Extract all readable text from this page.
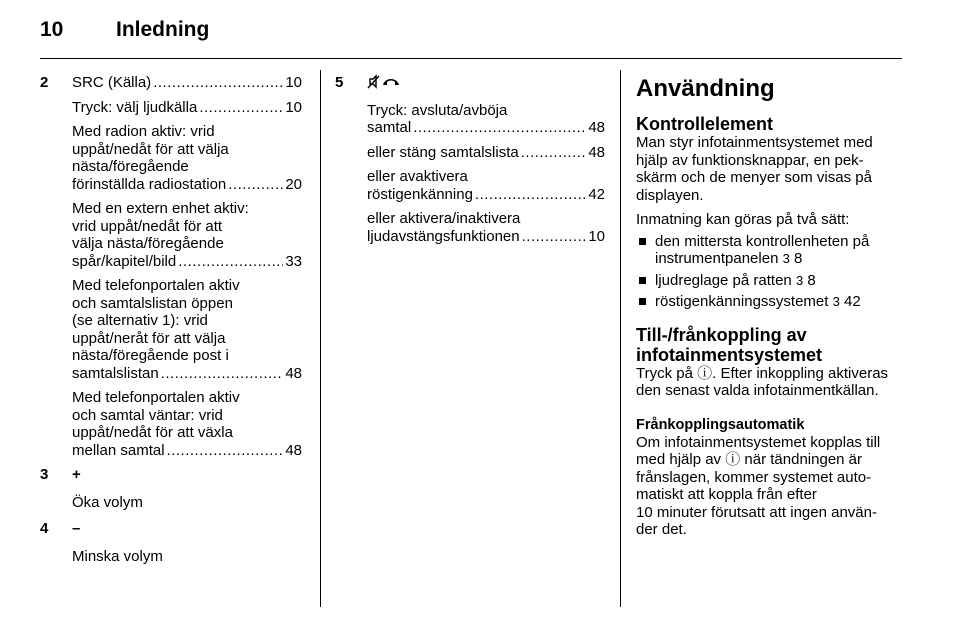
10	Inledning
2 SRC (Källa) .....	10
Tryck: välj ljudkälla .....	10
Med radion aktiv: vrid
uppåt/nedåt för att välja
nästa/föregående
förinställda radiostation .....	20
Med en extern enhet aktiv:
vrid uppåt/nedåt för att
välja nästa/föregående
spår/kapitel/bild .....	33
Med telefonportalen aktiv
och samtalslistan öppen
(se alternativ 1): vrid
uppåt/neråt för att välja
nästa/föregående post i
samtalslistan .....	48
Med telefonportalen aktiv
och samtal väntar: vrid
uppåt/nedåt för att växla
mellan samtal .....	48
3 +
Öka volym
4 –
Minska volym
5
Tryck: avsluta/avböja
samtal .....	48
eller stäng samtalslista .....	48
eller avaktivera
röstigenkänning .....	42
eller aktivera/inaktivera
ljudavstängsfunktionen .....	10
Användning
Kontrollelement
Man styr infotainmentsystemet med
hjälp av funktionsknappar, en pek-
skärm och de menyer som visas på
displayen.
Inmatning kan göras på två sätt:
den mittersta kontrollenheten på
instrumentpanelen 3 8
ljudreglage på ratten 3 8
röstigenkänningssystemet 3 42
Till-/frånkoppling av
infotainmentsystemet
Tryck på ⓘ. Efter inkoppling aktiveras
den senast valda infotainmentkällan.
Frånkopplingsautomatik
Om infotainmentsystemet kopplas till
med hjälp av ⓘ när tändningen är
frånslagen, kommer systemet auto-
matiskt att koppla från efter
10 minuter förutsatt att ingen använ-
der det.
